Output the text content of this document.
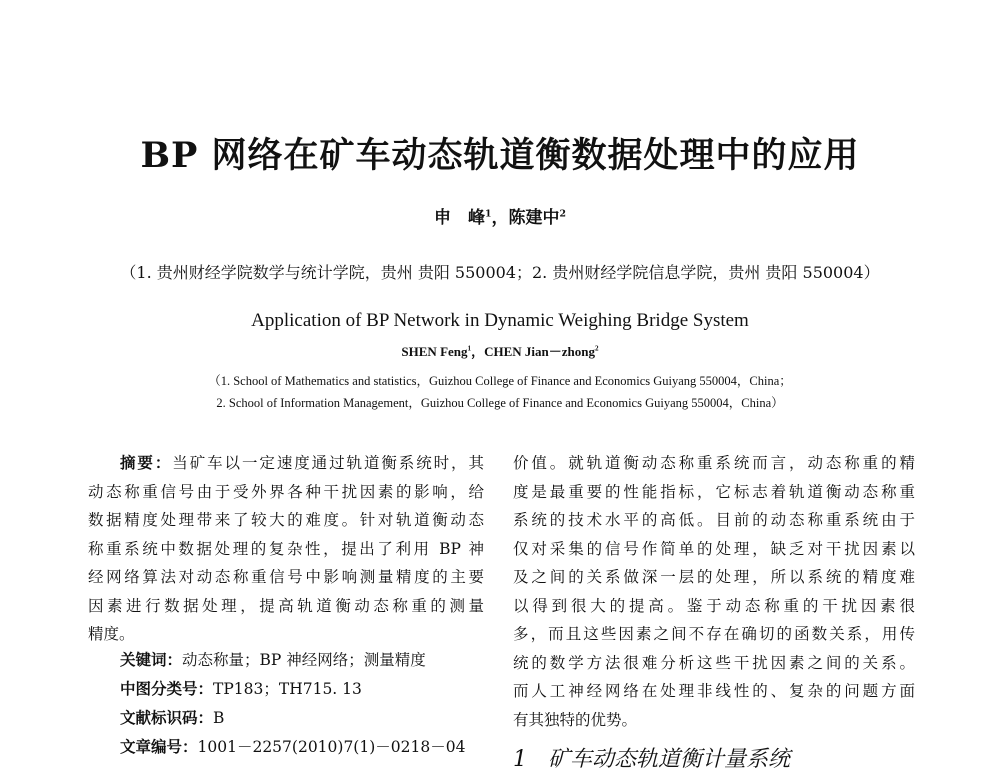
BP 网络在矿车动态轨道衡数据处理中的应用
申　峰$^1$，陈建中$^2$
（1. 贵州财经学院数学与统计学院，贵州 贵阳 550004；2. 贵州财经学院信息学院，贵州 贵阳 550004）
Application of BP Network in Dynamic Weighing Bridge System
SHEN Feng$^1$，CHEN Jian－zhong$^2$
（1. School of Mathematics and statistics，Guizhou College of Finance and Economics Guiyang 550004，China；
2. School of Information Management，Guizhou College of Finance and Economics Guiyang 550004，China）
摘要：当矿车以一定速度通过轨道衡系统时，其
动态称重信号由于受外界各种干扰因素的影响，给
数据精度处理带来了较大的难度。针对轨道衡动态
称重系统中数据处理的复杂性，提出了利用 BP 神
经网络算法对动态称重信号中影响测量精度的主要
因素进行数据处理，提高轨道衡动态称重的测量
精度。
关键词：动态称量；BP 神经网络；测量精度
中图分类号：TP183；TH715. 13
文献标识码：B
文章编号：1001－2257(2010)7(1)－0218－04
价值。就轨道衡动态称重系统而言，动态称重的精
度是最重要的性能指标，它标志着轨道衡动态称重
系统的技术水平的高低。目前的动态称重系统由于
仅对采集的信号作简单的处理，缺乏对干扰因素以
及之间的关系做深一层的处理，所以系统的精度难
以得到很大的提高。鉴于动态称重的干扰因素很
多，而且这些因素之间不存在确切的函数关系，用传
统的数学方法很难分析这些干扰因素之间的关系。
而人工神经网络在处理非线性的、复杂的问题方面
有其独特的优势。
1 矿车动态轨道衡计量系统
